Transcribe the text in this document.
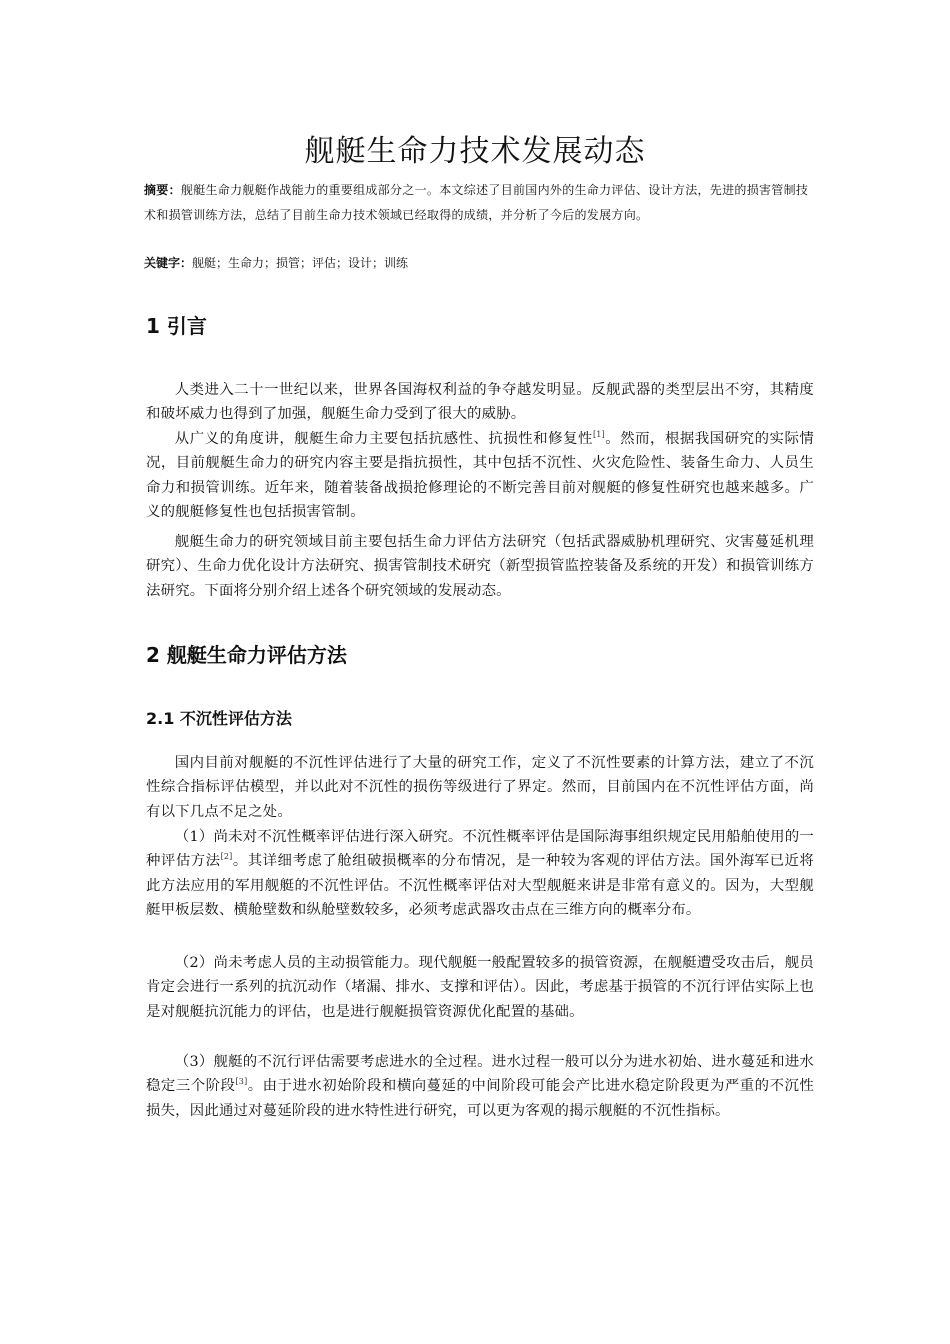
舰艇生命力技术发展动态
摘要：舰艇生命力舰艇作战能力的重要组成部分之一。本文综述了目前国内外的生命力评估、设计方法，先进的损害管制技术和损管训练方法，总结了目前生命力技术领域已经取得的成绩，并分析了今后的发展方向。
关键字：舰艇；生命力；损管；评估；设计；训练
1 引言
人类进入二十一世纪以来，世界各国海权利益的争夺越发明显。反舰武器的类型层出不穷，其精度和破坏威力也得到了加强，舰艇生命力受到了很大的威胁。
从广义的角度讲，舰艇生命力主要包括抗感性、抗损性和修复性[1]。然而，根据我国研究的实际情况，目前舰艇生命力的研究内容主要是指抗损性，其中包括不沉性、火灾危险性、装备生命力、人员生命力和损管训练。近年来，随着装备战损抢修理论的不断完善目前对舰艇的修复性研究也越来越多。广义的舰艇修复性也包括损害管制。
舰艇生命力的研究领域目前主要包括生命力评估方法研究（包括武器威胁机理研究、灾害蔓延机理研究）、生命力优化设计方法研究、损害管制技术研究（新型损管监控装备及系统的开发）和损管训练方法研究。下面将分别介绍上述各个研究领域的发展动态。
2 舰艇生命力评估方法
2.1 不沉性评估方法
国内目前对舰艇的不沉性评估进行了大量的研究工作，定义了不沉性要素的计算方法，建立了不沉性综合指标评估模型，并以此对不沉性的损伤等级进行了界定。然而，目前国内在不沉性评估方面，尚有以下几点不足之处。
（1）尚未对不沉性概率评估进行深入研究。不沉性概率评估是国际海事组织规定民用船舶使用的一种评估方法[2]。其详细考虑了舱组破损概率的分布情况，是一种较为客观的评估方法。国外海军已近将此方法应用的军用舰艇的不沉性评估。不沉性概率评估对大型舰艇来讲是非常有意义的。因为，大型舰艇甲板层数、横舱壁数和纵舱壁数较多，必须考虑武器攻击点在三维方向的概率分布。
（2）尚未考虑人员的主动损管能力。现代舰艇一般配置较多的损管资源，在舰艇遭受攻击后，舰员肯定会进行一系列的抗沉动作（堵漏、排水、支撑和评估）。因此，考虑基于损管的不沉行评估实际上也是对舰艇抗沉能力的评估，也是进行舰艇损管资源优化配置的基础。
（3）舰艇的不沉行评估需要考虑进水的全过程。进水过程一般可以分为进水初始、进水蔓延和进水稳定三个阶段[3]。由于进水初始阶段和横向蔓延的中间阶段可能会产比进水稳定阶段更为严重的不沉性损失，因此通过对蔓延阶段的进水特性进行研究，可以更为客观的揭示舰艇的不沉性指标。
